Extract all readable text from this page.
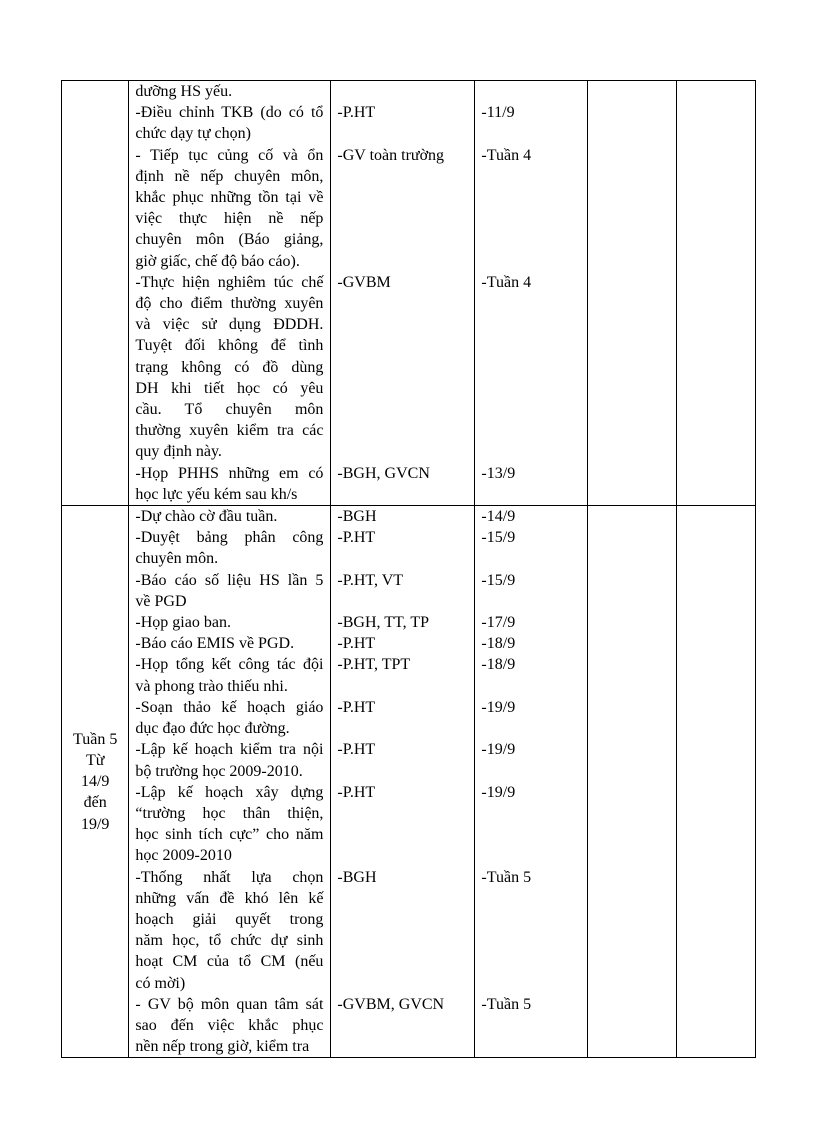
dưỡng HS yếu.
-Điều chỉnh TKB (do có tổ
chức dạy tự chọn)
-P.HT	-11/9
- Tiếp tục củng cố và ổn
định nề nếp chuyên môn,
khắc phục những tồn tại về
việc thực hiện nề nếp
chuyên môn (Báo giảng,
giờ giấc, chế độ báo cáo).
-GV toàn trường	-Tuần 4
-Thực hiện nghiêm túc chế
độ cho điểm thường xuyên
và việc sử dụng ĐDDH.
Tuyệt đối không để tình
trạng không có đồ dùng
DH khi tiết học có yêu
cầu. Tổ chuyên môn
thường xuyên kiểm tra các
quy định này.
-GVBM	-Tuần 4
-Họp PHHS những em có
học lực yếu kém sau kh/s
-BGH, GVCN	-13/9
Tuần 5
Từ
14/9
đến
19/9
-Dự chào cờ đầu tuần.	-BGH	-14/9
-Duyệt bảng phân công
chuyên môn.
-P.HT	-15/9
-Báo cáo số liệu HS lần 5
về PGD
-P.HT, VT	-15/9
-Họp giao ban.	-BGH, TT, TP	-17/9
-Báo cáo EMIS về PGD.	-P.HT	-18/9
-Họp tổng kết công tác đội
và phong trào thiếu nhi.
-P.HT, TPT	-18/9
-Soạn thảo kế hoạch giáo
dục đạo đức học đường.
-P.HT	-19/9
-Lập kế hoạch kiểm tra nội
bộ trường học 2009-2010.
-P.HT	-19/9
-Lập kế hoạch xây dựng
“trường học thân thiện,
học sinh tích cực” cho năm
học 2009-2010
-P.HT	-19/9
-Thống nhất lựa chọn
những vấn đề khó lên kế
hoạch giải quyết trong
năm học, tổ chức dự sinh
hoạt CM của tổ CM (nếu
có mời)
-BGH	-Tuần 5
- GV bộ môn quan tâm sát
sao đến việc khắc phục
nền nếp trong giờ, kiểm tra
-GVBM, GVCN	-Tuần 5
